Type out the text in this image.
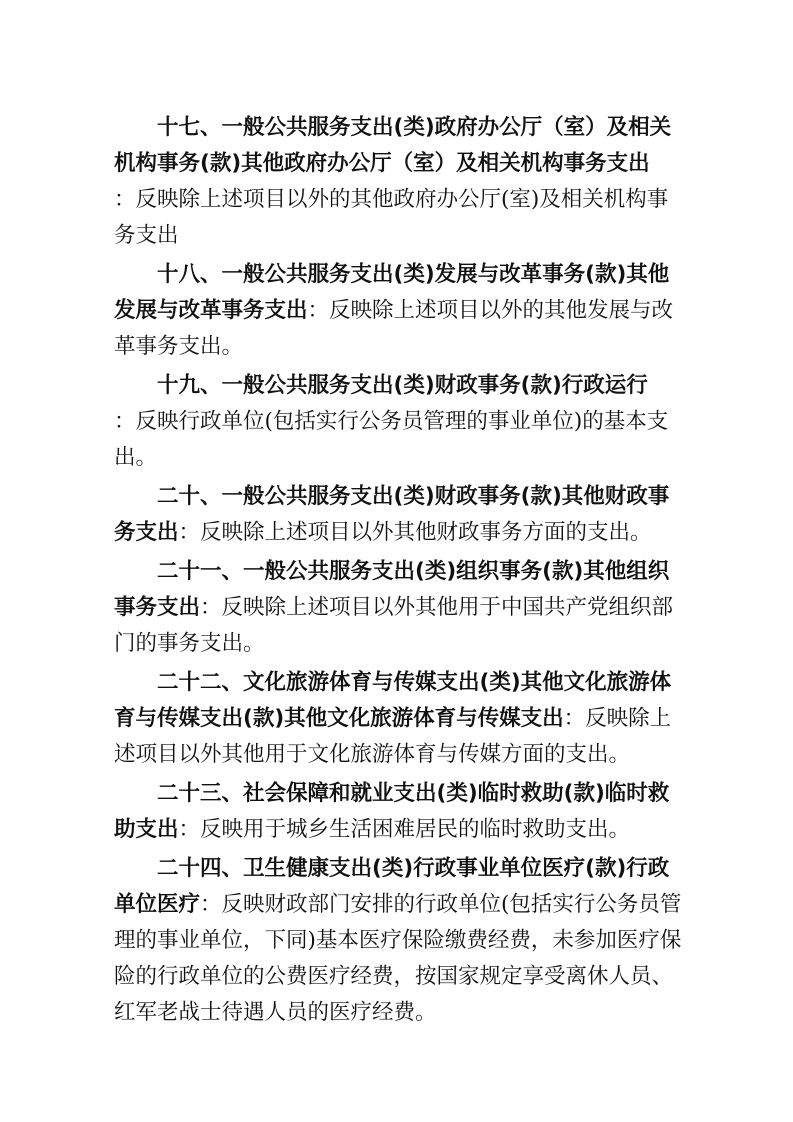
十七、一般公共服务支出(类)政府办公厅（室）及相关
机构事务(款)其他政府办公厅（室）及相关机构事务支出
：反映除上述项目以外的其他政府办公厅(室)及相关机构事
务支出
十八、一般公共服务支出(类)发展与改革事务(款)其他
发展与改革事务支出：反映除上述项目以外的其他发展与改
革事务支出。
十九、一般公共服务支出(类)财政事务(款)行政运行
：反映行政单位(包括实行公务员管理的事业单位)的基本支
出。
二十、一般公共服务支出(类)财政事务(款)其他财政事
务支出：反映除上述项目以外其他财政事务方面的支出。
二十一、一般公共服务支出(类)组织事务(款)其他组织
事务支出：反映除上述项目以外其他用于中国共产党组织部
门的事务支出。
二十二、文化旅游体育与传媒支出(类)其他文化旅游体
育与传媒支出(款)其他文化旅游体育与传媒支出：反映除上
述项目以外其他用于文化旅游体育与传媒方面的支出。
二十三、社会保障和就业支出(类)临时救助(款)临时救
助支出：反映用于城乡生活困难居民的临时救助支出。
二十四、卫生健康支出(类)行政事业单位医疗(款)行政
单位医疗：反映财政部门安排的行政单位(包括实行公务员管
理的事业单位，下同)基本医疗保险缴费经费，未参加医疗保
险的行政单位的公费医疗经费，按国家规定享受离休人员、
红军老战士待遇人员的医疗经费。
